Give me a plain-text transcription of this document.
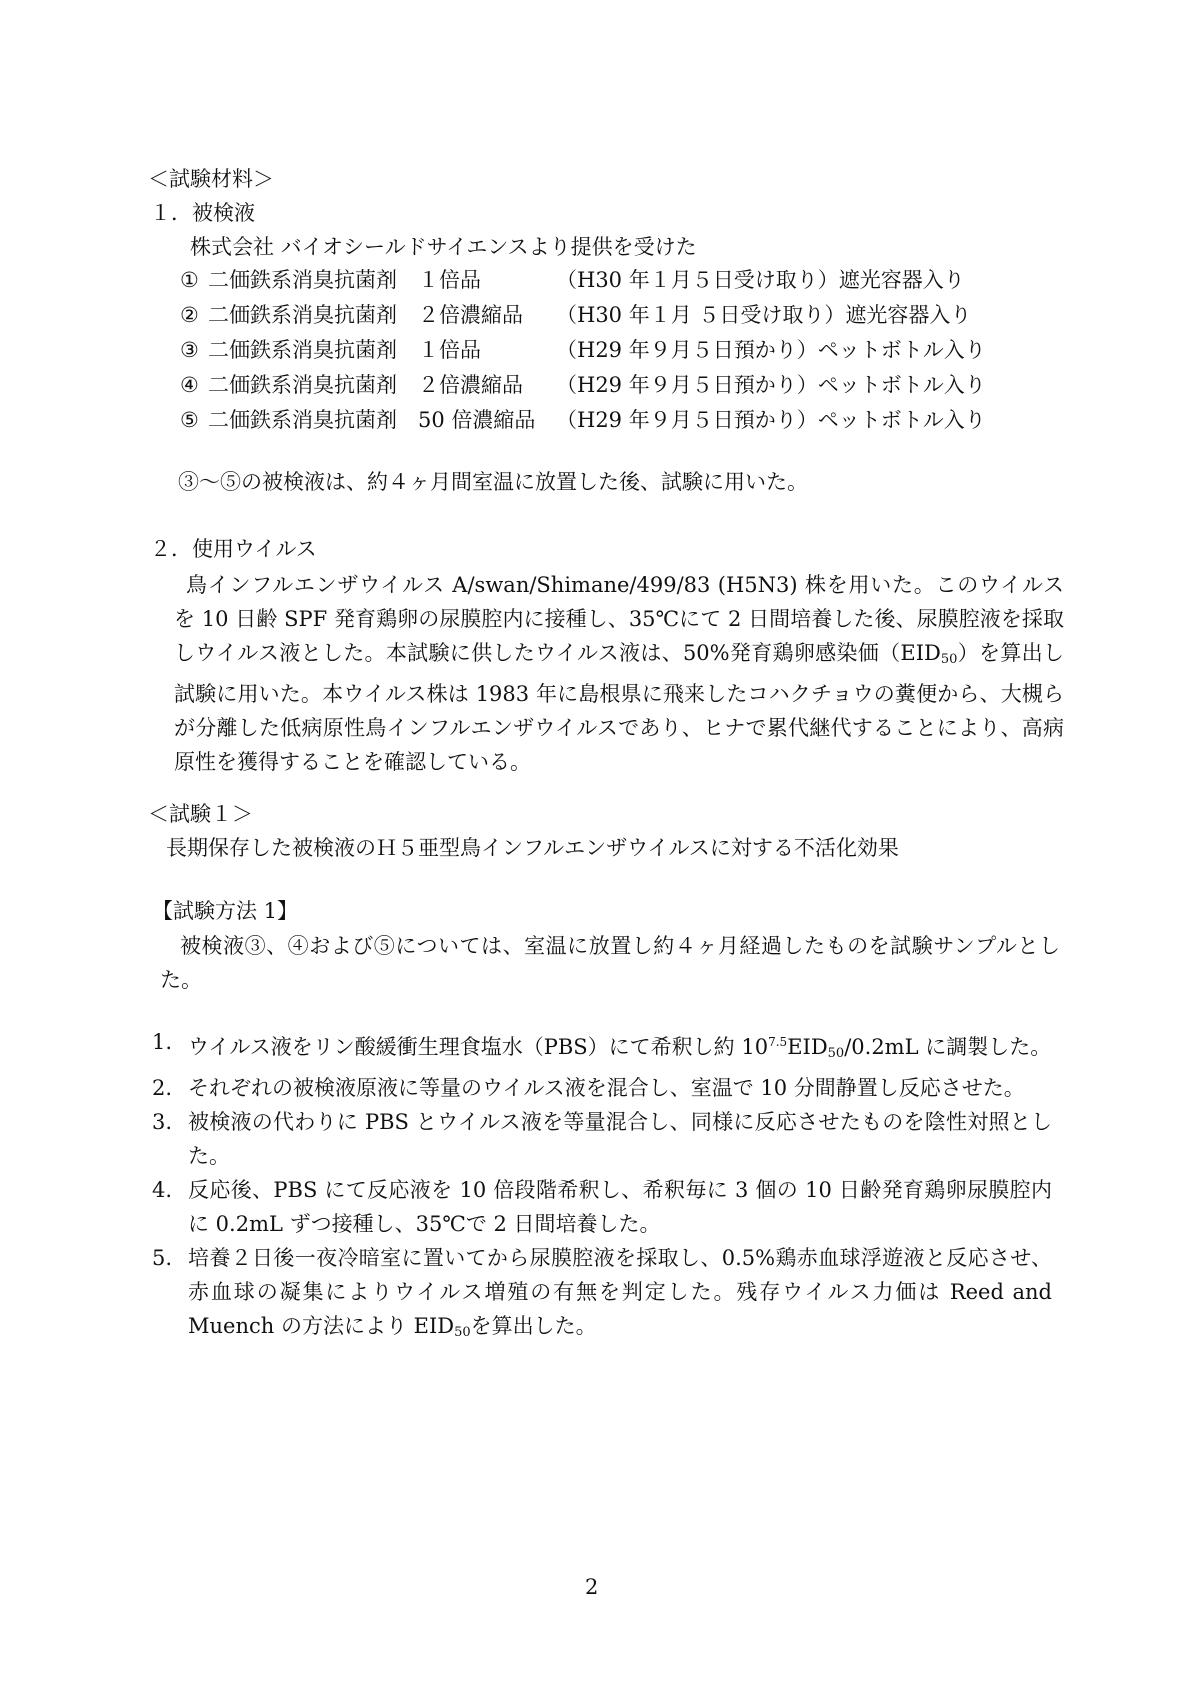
＜試験材料＞
１．被検液
株式会社 バイオシールドサイエンスより提供を受けた
① 二価鉄系消臭抗菌剤 １倍品	（H30 年１月５日受け取り）遮光容器入り
② 二価鉄系消臭抗菌剤 ２倍濃縮品 （H30 年１月 ５日受け取り）遮光容器入り
③ 二価鉄系消臭抗菌剤 １倍品	（H29 年９月５日預かり）ペットボトル入り
④ 二価鉄系消臭抗菌剤 ２倍濃縮品 （H29 年９月５日預かり）ペットボトル入り
⑤ 二価鉄系消臭抗菌剤 50 倍濃縮品 （H29 年９月５日預かり）ペットボトル入り
③～⑤の被検液は、約４ヶ月間室温に放置した後、試験に用いた。
２．使用ウイルス
鳥インフルエンザウイルス A/swan/Shimane/499/83 (H5N3) 株を用いた。このウイルスを 10 日齢 SPF 発育鶏卵の尿膜腔内に接種し、35℃にて 2 日間培養した後、尿膜腔液を採取しウイルス液とした。本試験に供したウイルス液は、50%発育鶏卵感染価$(EID_{50})$を算出し試験に用いた。本ウイルス株は 1983 年に島根県に飛来したコハクチョウの糞便から、大槻らが分離した低病原性鳥インフルエンザウイルスであり、ヒナで累代継代することにより、高病原性を獲得することを確認している。
＜試験１＞
長期保存した被検液のＨ５亜型鳥インフルエンザウイルスに対する不活化効果
【試験方法 1】
被検液③、④および⑤については、室温に放置し約４ヶ月経過したものを試験サンプルとした。
1. ウイルス液をリン酸緩衝生理食塩水（PBS）にて希釈し約 $10^{7.5}EID_{50}/0.2mL$ に調製した。
2. それぞれの被検液原液に等量のウイルス液を混合し、室温で 10 分間静置し反応させた。
3. 被検液の代わりに PBS とウイルス液を等量混合し、同様に反応させたものを陰性対照とした。
4. 反応後、PBS にて反応液を 10 倍段階希釈し、希釈毎に 3 個の 10 日齢発育鶏卵尿膜腔内に 0.2mL ずつ接種し、35℃で 2 日間培養した。
5. 培養２日後一夜冷暗室に置いてから尿膜腔液を採取し、0.5%鶏赤血球浮遊液と反応させ、赤血球の凝集によりウイルス増殖の有無を判定した。残存ウイルス力価は Reed and Muench の方法により $EID_{50}$を算出した。
2
